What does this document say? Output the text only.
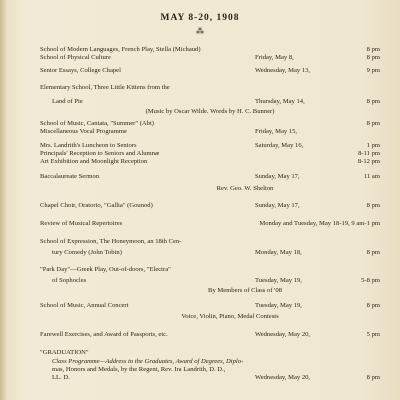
MAY 8-20, 1908
⁂
School of Modern Languages, French Play, Stella (Michaud)	8 pm
School of Physical Culture	Friday, May 8,	8 pm
Senior Essays, College Chapel	Wednesday, May 13,	9 pm
Elementary School, Three Little Kittens from the
Land of Pie	Thursday, May 14,	8 pm
(Music by Oscar Wilde. Words by H. C. Bunner)
School of Music, Cantata, "Summer" (Abt)	8 pm
Miscellaneous Vocal Programme	Friday, May 15,
Mrs. Landrith's Luncheon to Seniors	Saturday, May 16,	1 pm
Principals' Reception to Seniors and Alumnæ	8-11 pm
Art Exhibition and Moonlight Reception	8-12 pm
Baccalaureate Sermon	Sunday, May 17,	11 am
Rev. Geo. W. Shelton
Chapel Choir, Oratorio, "Gallia" (Gounod)	Sunday, May 17,	8 pm
Review of Musical Repertoires	Monday and Tuesday, May 18-19, 9 am-1 pm
School of Expression, The Honeymoon, an 18th Cen-
tury Comedy (John Tobin)	Monday, May 18,	8 pm
"Park Day"—Greek Play, Out-of-doors, "Electra"
of Sophocles	Tuesday, May 19,	5-8 pm
By Members of Class of '08
School of Music, Annual Concert	Tuesday, May 19,	8 pm
Voice, Violin, Piano, Medal Contests
Farewell Exercises, and Award of Passports, etc.	Wednesday, May 20,	5 pm
"GRADUATION"
Class Programme—Address to the Graduates, Award of Degrees, Diplo-
mas, Honors and Medals, by the Regent, Rev. Ira Landrith, D. D.,
LL. D.	Wednesday, May 20,	8 pm
